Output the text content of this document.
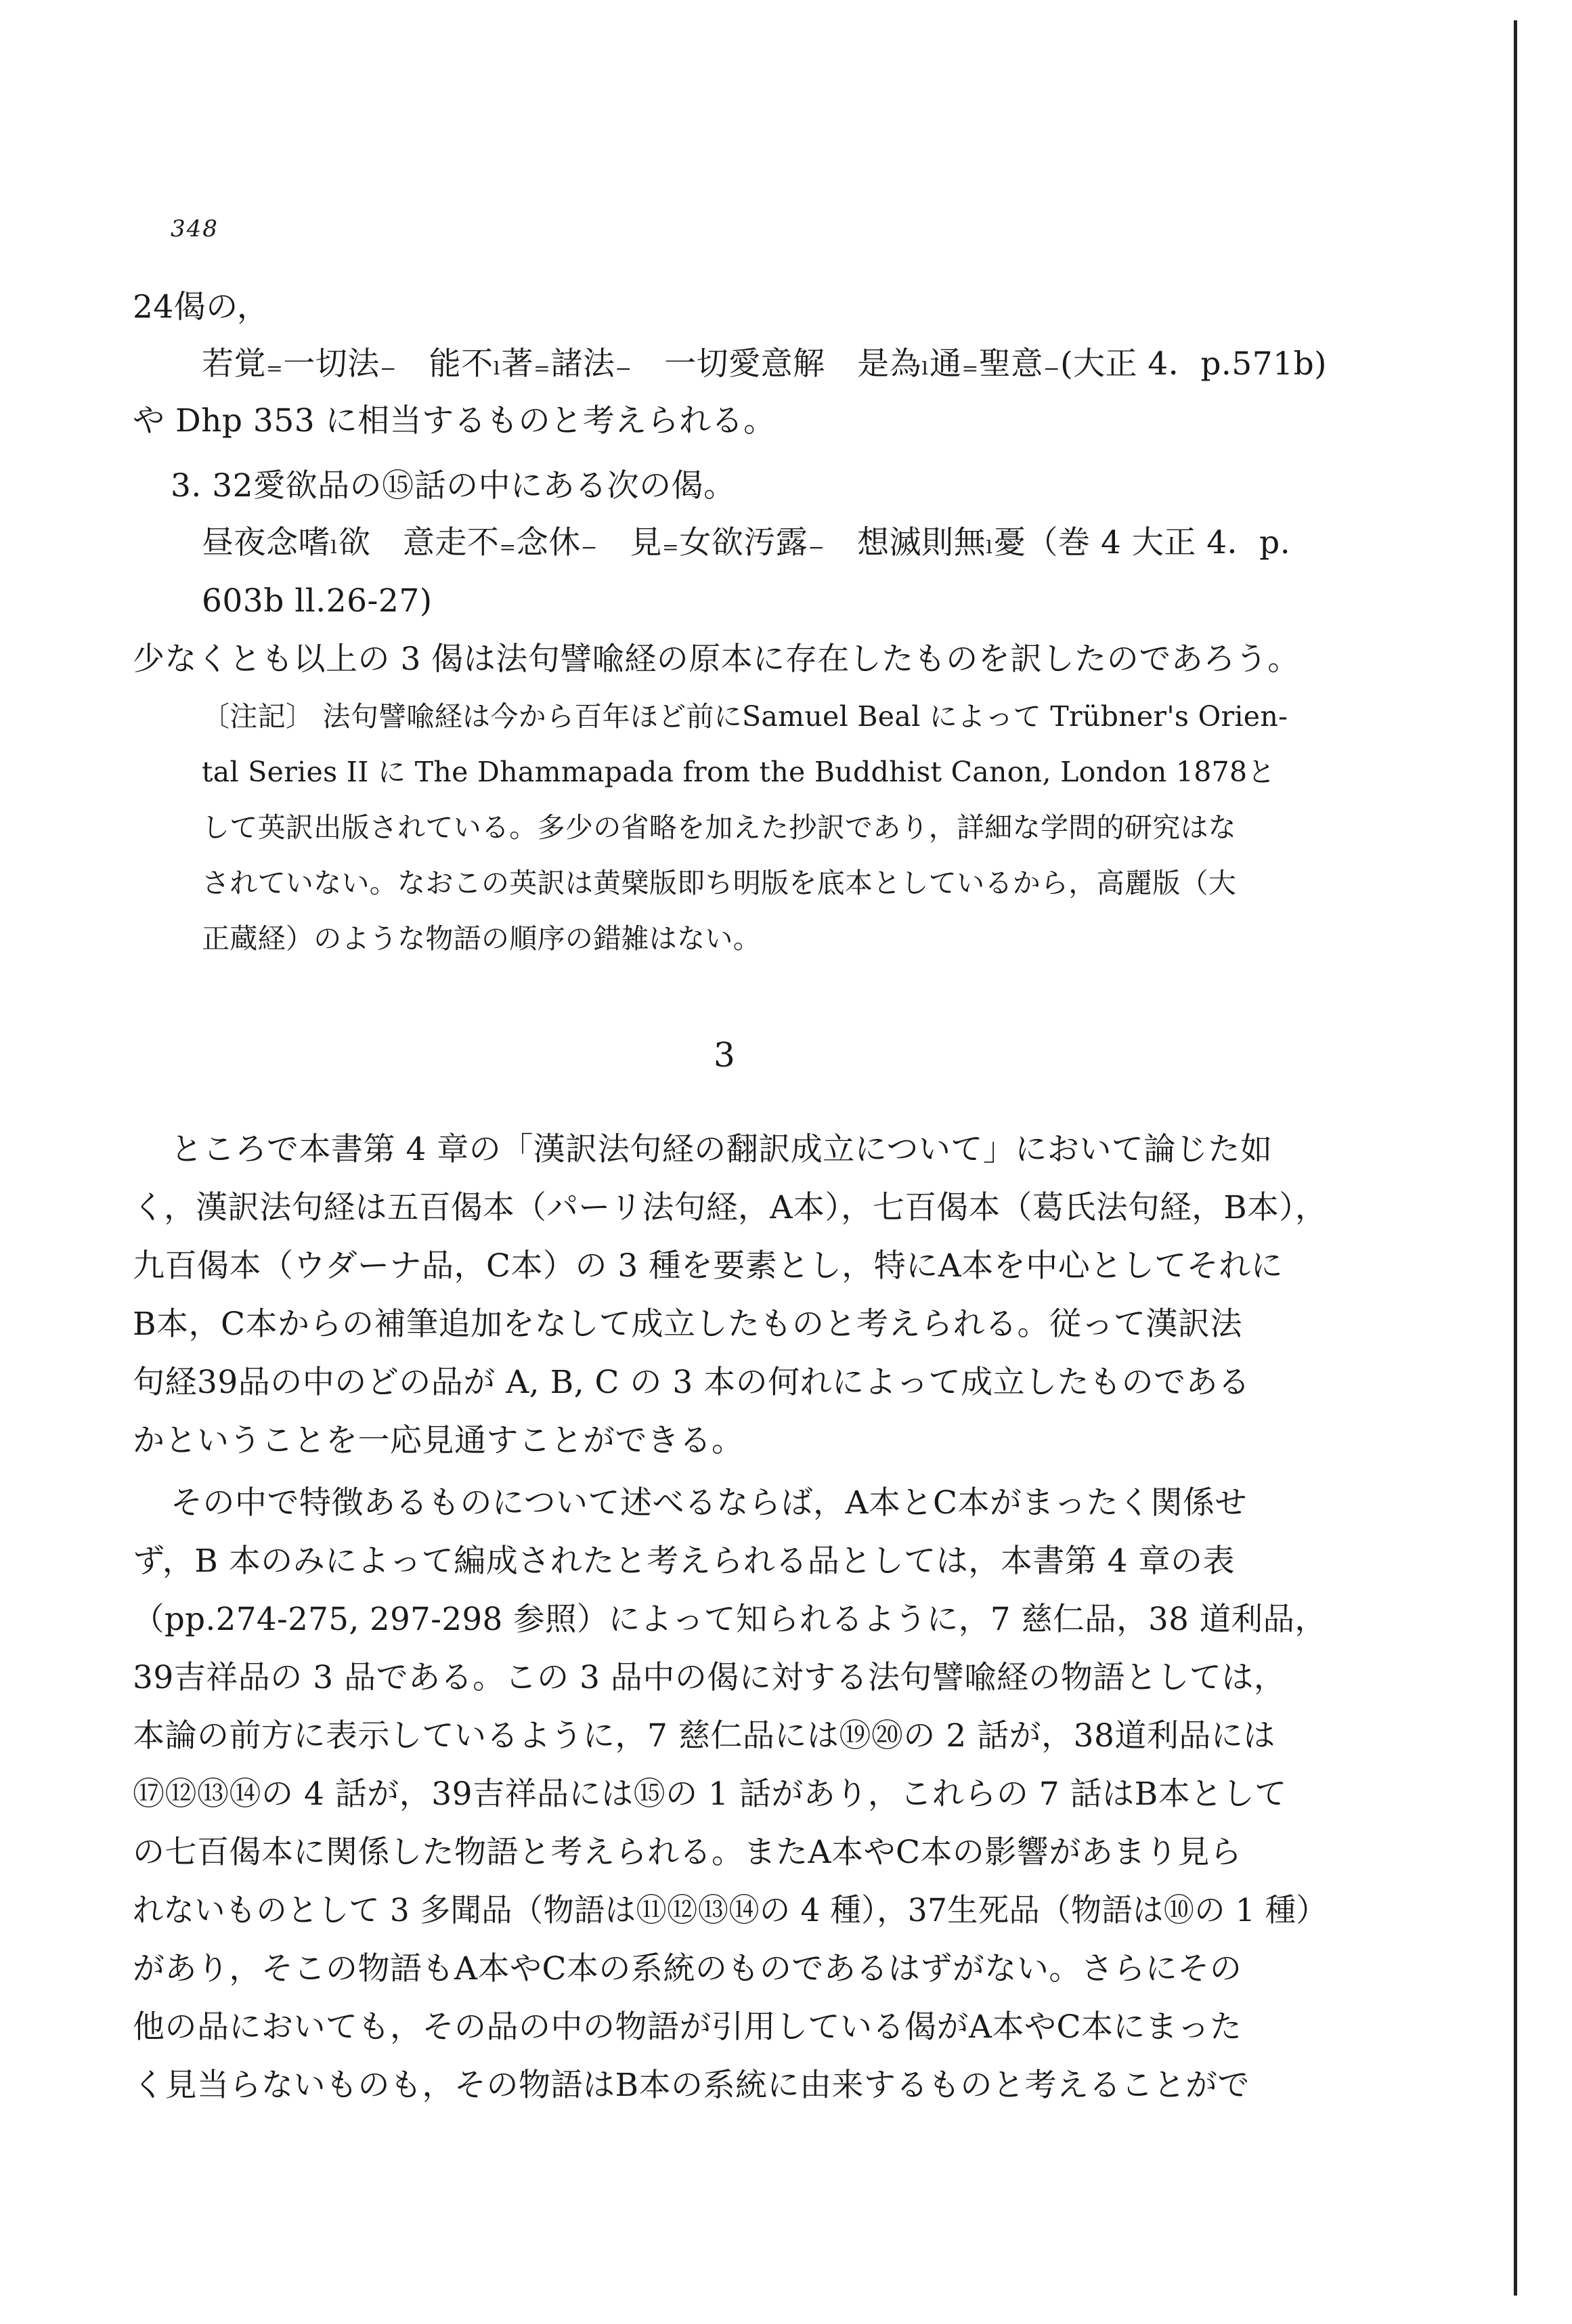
348
24偈の，
若覚₌一切法₋　能不ₗ著₌諸法₋　一切愛意解　是為ₗ通₌聖意₋(大正 4．p.571b)
や Dhp 353 に相当するものと考えられる。
3. 32愛欲品の⑮話の中にある次の偈。
昼夜念嗜ₗ欲　意走不₌念休₋　見₌女欲汚露₋　想滅則無ₗ憂（巻 4 大正 4．p.
603b ll.26-27)
少なくとも以上の 3 偈は法句譬喩経の原本に存在したものを訳したのであろう。
〔注記〕 法句譬喩経は今から百年ほど前にSamuel Beal によって Trübner's Orien-
tal Series II に The Dhammapada from the Buddhist Canon, London 1878と
して英訳出版されている。多少の省略を加えた抄訳であり，詳細な学問的研究はな
されていない。なおこの英訳は黄檗版即ち明版を底本としているから，高麗版（大
正蔵経）のような物語の順序の錯雑はない。
3
ところで本書第 4 章の「漢訳法句経の翻訳成立について」において論じた如
く，漢訳法句経は五百偈本（パーリ法句経，A本），七百偈本（葛氏法句経，B本），
九百偈本（ウダーナ品，C本）の 3 種を要素とし，特にA本を中心としてそれに
B本，C本からの補筆追加をなして成立したものと考えられる。従って漢訳法
句経39品の中のどの品が A, B, C の 3 本の何れによって成立したものである
かということを一応見通すことができる。
その中で特徴あるものについて述べるならば，A本とC本がまったく関係せ
ず，B 本のみによって編成されたと考えられる品としては，本書第 4 章の表
（pp.274-275, 297-298 参照）によって知られるように，7 慈仁品，38 道利品，
39吉祥品の 3 品である。この 3 品中の偈に対する法句譬喩経の物語としては，
本論の前方に表示しているように，7 慈仁品には⑲⑳の 2 話が，38道利品には
⑰⑫⑬⑭の 4 話が，39吉祥品には⑮の 1 話があり，これらの 7 話はB本として
の七百偈本に関係した物語と考えられる。またA本やC本の影響があまり見ら
れないものとして 3 多聞品（物語は⑪⑫⑬⑭の 4 種），37生死品（物語は⑩の 1 種）
があり，そこの物語もA本やC本の系統のものであるはずがない。さらにその
他の品においても，その品の中の物語が引用している偈がA本やC本にまった
く見当らないものも，その物語はB本の系統に由来するものと考えることがで
